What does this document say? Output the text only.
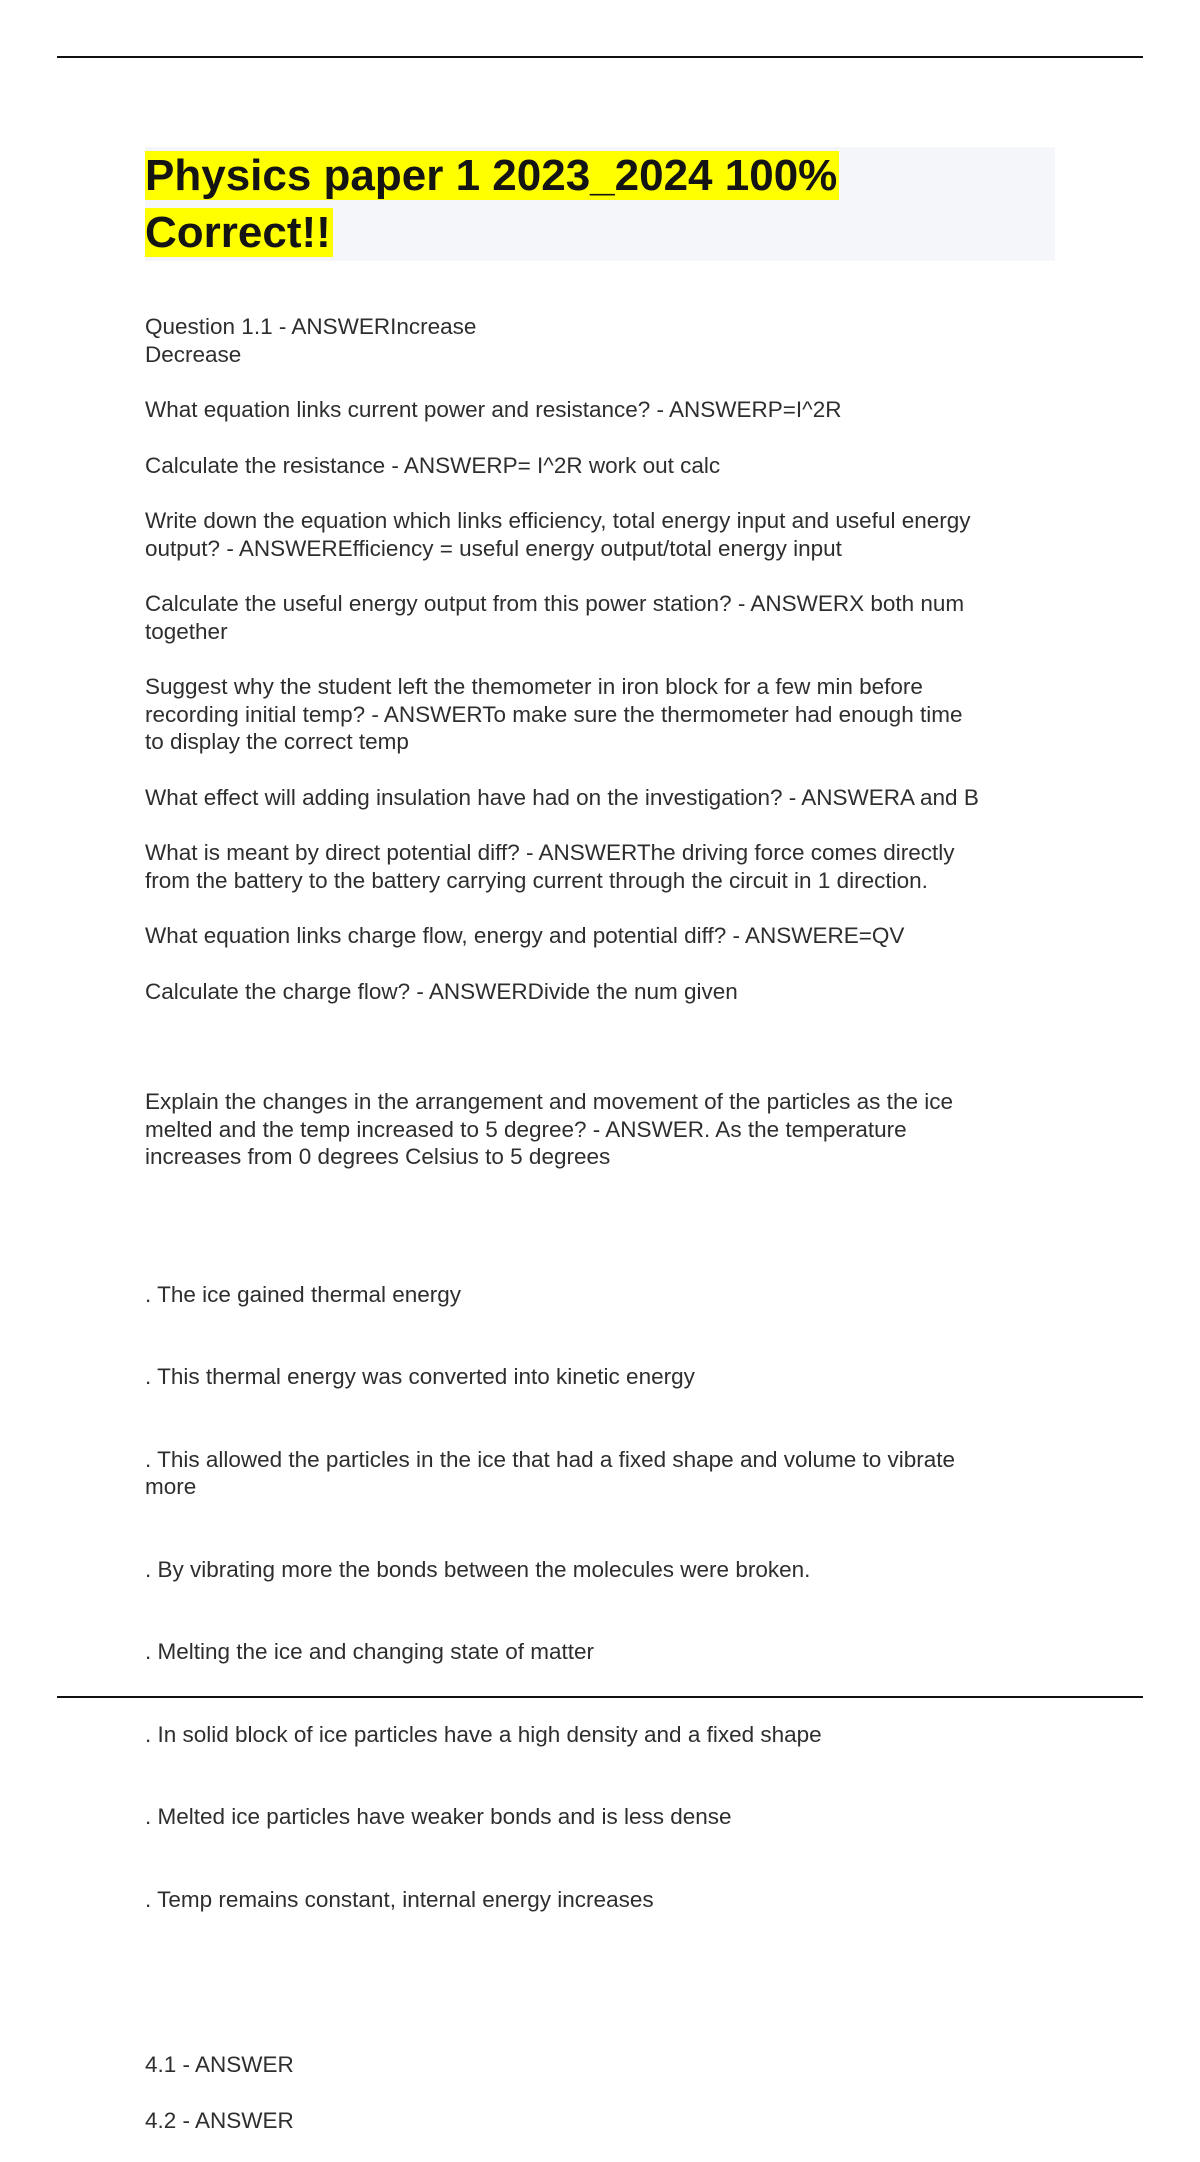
Physics paper 1 2023_2024 100%
Correct!!
Question 1.1 - ANSWERIncrease
Decrease
What equation links current power and resistance? - ANSWERP=I^2R
Calculate the resistance - ANSWERP= I^2R work out calc
Write down the equation which links efficiency, total energy input and useful energy
output? - ANSWEREfficiency = useful energy output/total energy input
Calculate the useful energy output from this power station? - ANSWERX both num
together
Suggest why the student left the themometer in iron block for a few min before
recording initial temp? - ANSWERTo make sure the thermometer had enough time
to display the correct temp
What effect will adding insulation have had on the investigation? - ANSWERA and B
What is meant by direct potential diff? - ANSWERThe driving force comes directly
from the battery to the battery carrying current through the circuit in 1 direction.
What equation links charge flow, energy and potential diff? - ANSWERE=QV
Calculate the charge flow? - ANSWERDivide the num given

Explain the changes in the arrangement and movement of the particles as the ice
melted and the temp increased to 5 degree? - ANSWER. As the temperature
increases from 0 degrees Celsius to 5 degrees

. The ice gained thermal energy

. This thermal energy was converted into kinetic energy

. This allowed the particles in the ice that had a fixed shape and volume to vibrate
more

. By vibrating more the bonds between the molecules were broken.

. Melting the ice and changing state of matter

. In solid block of ice particles have a high density and a fixed shape

. Melted ice particles have weaker bonds and is less dense

. Temp remains constant, internal energy increases

4.1 - ANSWER
4.2 - ANSWER
